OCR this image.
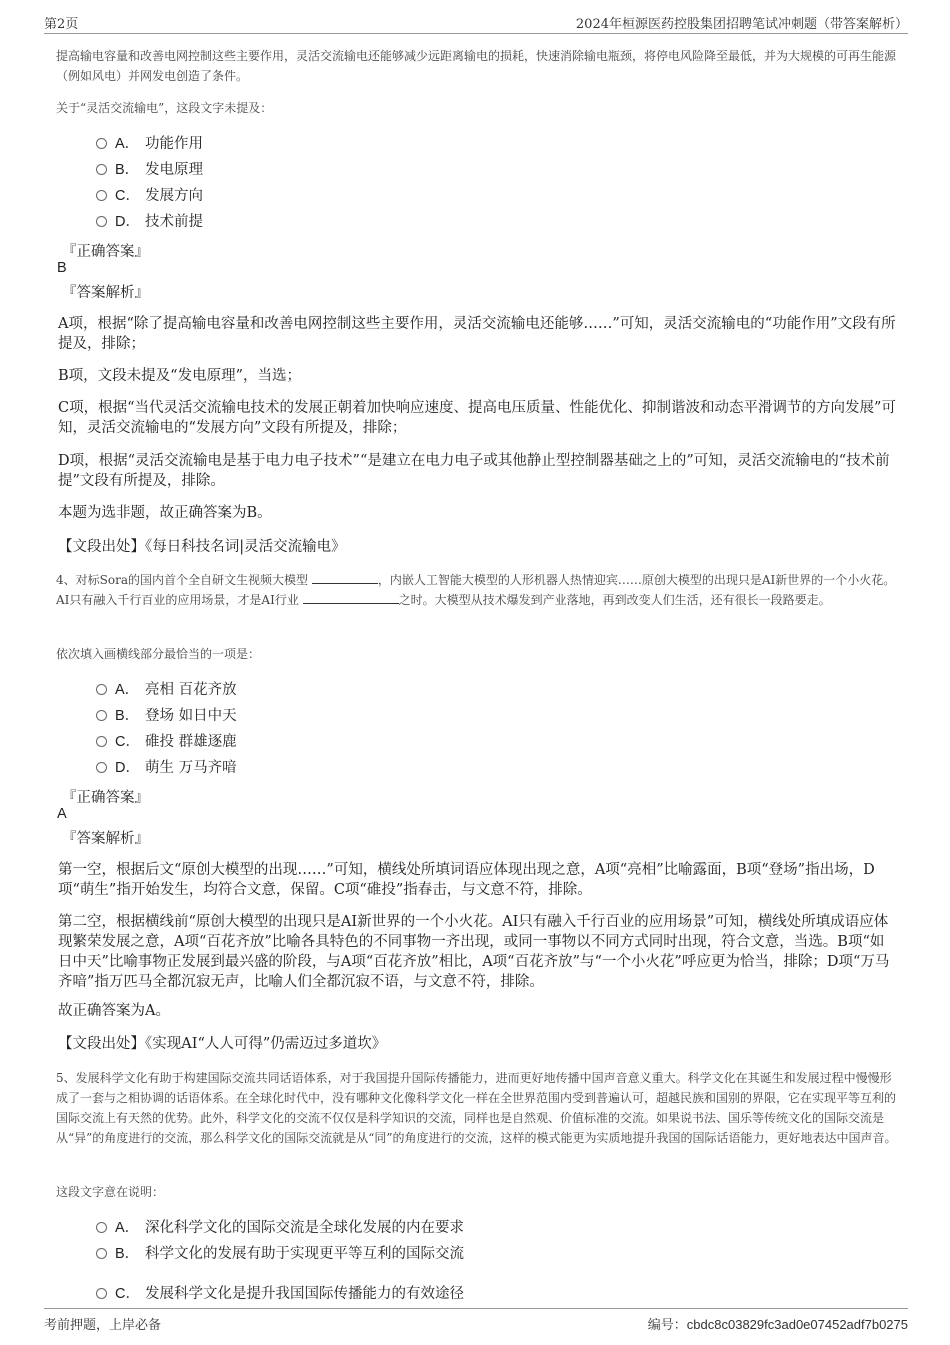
第2页	2024年桓源医药控股集团招聘笔试冲刺题（带答案解析）
提高输电容量和改善电网控制这些主要作用，灵活交流输电还能够减少远距离输电的损耗，快速消除输电瓶颈，将停电风险降至最低，并为大规模的可再生能源（例如风电）并网发电创造了条件。
关于“灵活交流输电”，这段文字未提及：
A． 功能作用
B． 发电原理
C． 发展方向
D． 技术前提
『正确答案』
B
『答案解析』
A项，根据“除了提高输电容量和改善电网控制这些主要作用，灵活交流输电还能够……”可知，灵活交流输电的“功能作用”文段有所提及，排除；
B项，文段未提及“发电原理”，当选；
C项，根据“当代灵活交流输电技术的发展正朝着加快响应速度、提高电压质量、性能优化、抑制谐波和动态平滑调节的方向发展”可知，灵活交流输电的“发展方向”文段有所提及，排除；
D项，根据“灵活交流输电是基于电力电子技术”“是建立在电力电子或其他静止型控制器基础之上的”可知，灵活交流输电的“技术前提”文段有所提及，排除。
本题为选非题，故正确答案为B。
【文段出处】《每日科技名词|灵活交流输电》
4、对标Sora的国内首个全自研文生视频大模型	，内嵌人工智能大模型的人形机器人热情迎宾……原创大模型的出现只是AI新世界的一个小火花。AI只有融入千行百业的应用场景，才是AI行业	之时。大模型从技术爆发到产业落地，再到改变人们生活，还有很长一段路要走。
依次填入画横线部分最恰当的一项是：
A． 亮相 百花齐放
B． 登场 如日中天
C． 碓投 群雄逐鹿
D． 萌生 万马齐喑
『正确答案』
A
『答案解析』
第一空，根据后文“原创大模型的出现……”可知，横线处所填词语应体现出现之意，A项“亮相”比喻露面，B项“登场”指出场，D项“萌生”指开始发生，均符合文意，保留。C项“碓投”指春击，与文意不符，排除。
第二空，根据横线前“原创大模型的出现只是AI新世界的一个小火花。AI只有融入千行百业的应用场景”可知，横线处所填成语应体现繁荣发展之意，A项“百花齐放”比喻各具特色的不同事物一齐出现，或同一事物以不同方式同时出现，符合文意，当选。B项“如日中天”比喻事物正发展到最兴盛的阶段，与A项“百花齐放”相比，A项“百花齐放”与“一个小火花”呼应更为恰当，排除；D项“万马齐喑”指万匹马全都沉寂无声，比喻人们全都沉寂不语，与文意不符，排除。
故正确答案为A。
【文段出处】《实现AI“人人可得”仍需迈过多道坎》
5、发展科学文化有助于构建国际交流共同话语体系，对于我国提升国际传播能力，进而更好地传播中国声音意义重大。科学文化在其诞生和发展过程中慢慢形成了一套与之相协调的话语体系。在全球化时代中，没有哪种文化像科学文化一样在全世界范围内受到普遍认可，超越民族和国别的界限，它在实现平等互利的国际交流上有天然的优势。此外，科学文化的交流不仅仅是科学知识的交流，同样也是自然观、价值标准的交流。如果说书法、国乐等传统文化的国际交流是从“异”的角度进行的交流，那么科学文化的国际交流就是从“同”的角度进行的交流，这样的模式能更为实质地提升我国的国际话语能力，更好地表达中国声音。
这段文字意在说明：
A． 深化科学文化的国际交流是全球化发展的内在要求
B． 科学文化的发展有助于实现更平等互利的国际交流
C． 发展科学文化是提升我国国际传播能力的有效途径
考前押题，上岸必备	编号：cbdc8c03829fc3ad0e07452adf7b0275
